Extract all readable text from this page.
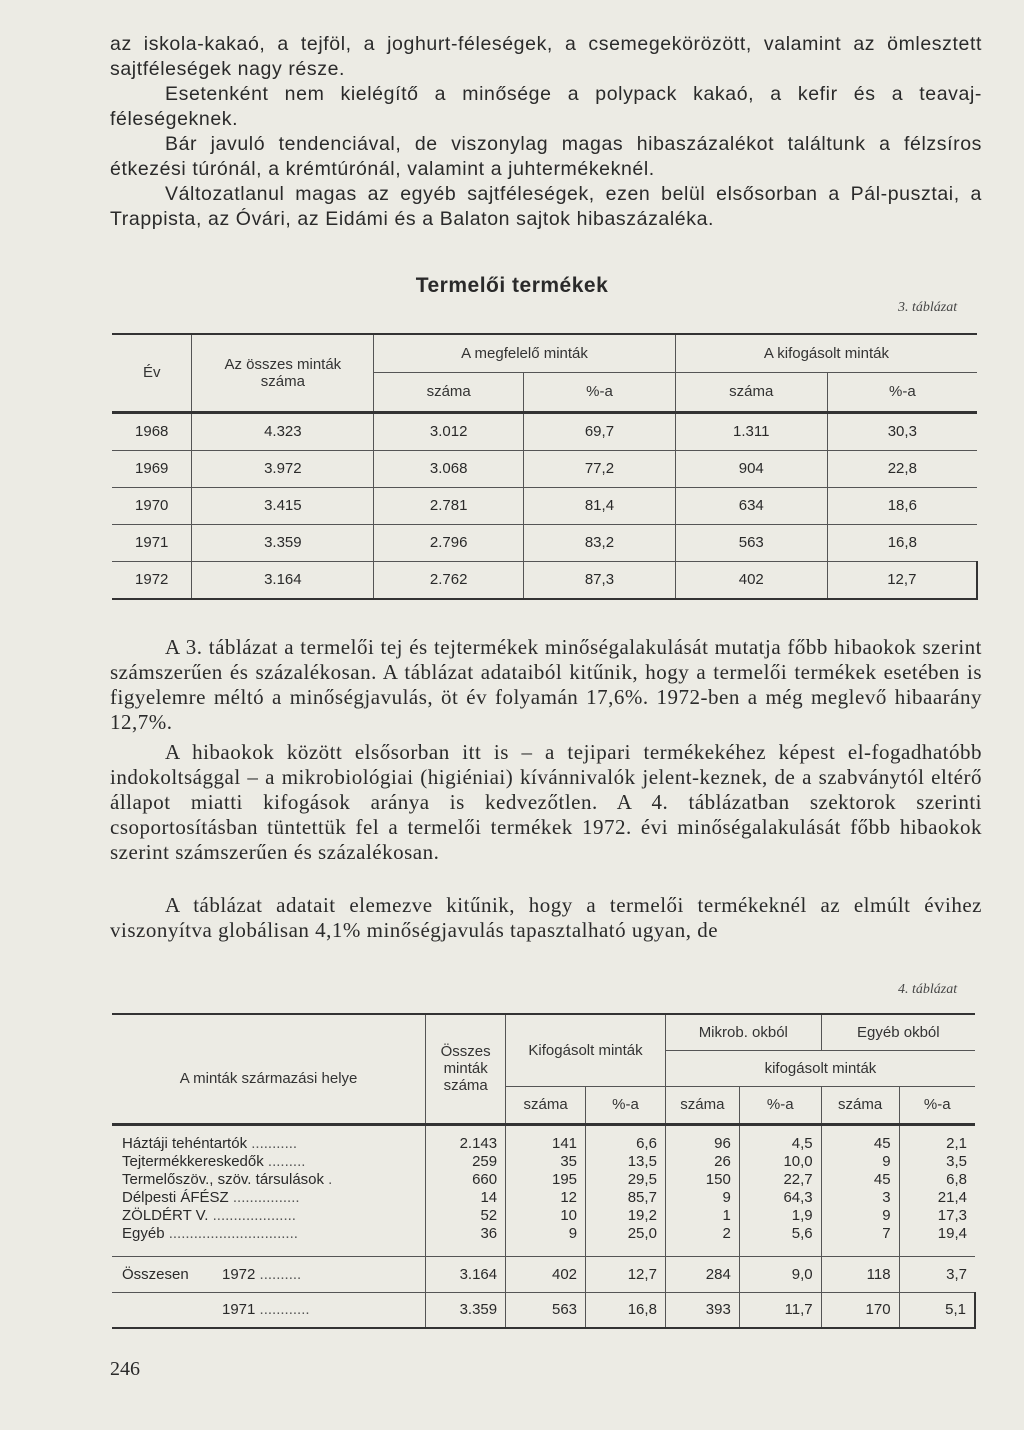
az iskola-kakaó, a tejföl, a joghurt-féleségek, a csemegekörözött, valamint az ömlesztett sajtféleségek nagy része.

Esetenként nem kielégítő a minősége a polypack kakaó, a kefir és a teavaj-féleségeknek.

Bár javuló tendenciával, de viszonylag magas hibaszázalékot találtunk a félzsíros étkezési túrónál, a krémtúrónál, valamint a juhtermékeknél.

Változatlanul magas az egyéb sajtféleségek, ezen belül elsősorban a Pál-pusztai, a Trappista, az Óvári, az Eidámi és a Balaton sajtok hibaszázaléka.

Termelői termékek
3. táblázat
Év	Az összes minták száma	A megfelelő minták		A kifogásolt minták	
		száma	%-a	száma	%-a
1968	4.323	3.012	69,7	1.311	30,3
1969	3.972	3.068	77,2	904	22,8
1970	3.415	2.781	81,4	634	18,6
1971	3.359	2.796	83,2	563	16,8
1972	3.164	2.762	87,3	402	12,7

A 3. táblázat a termelői tej és tejtermékek minőségalakulását mutatja főbb hibaokok szerint számszerűen és százalékosan. A táblázat adataiból kitűnik, hogy a termelői termékek esetében is figyelemre méltó a minőségjavulás, öt év folyamán 17,6%. 1972-ben a még meglevő hibaarány 12,7%.

A hibaokok között elsősorban itt is – a tejipari termékekéhez képest el-fogadhatóbb indokoltsággal – a mikrobiológiai (higiéniai) kívánnivalók jelent-keznek, de a szabványtól eltérő állapot miatti kifogások aránya is kedvezőtlen. A 4. táblázatban szektorok szerinti csoportosításban tüntettük fel a termelői termékek 1972. évi minőségalakulását főbb hibaokok szerint számszerűen és százalékosan.

A táblázat adatait elemezve kitűnik, hogy a termelői termékeknél az elmúlt évihez viszonyítva globálisan 4,1% minőségjavulás tapasztalható ugyan, de

4. táblázat
A minták származási helye	Összes minták száma	Kifogásolt minták		Mikrob. okból		Egyéb okból	
				kifogásolt minták			
		száma	%-a	száma	%-a	száma	%-a

Háztáji tehéntartók ...........	2.143	141	6,6	96	4,5	45	2,1
Tejtermékkereskedők .........	259	35	13,5	26	10,0	9	3,5
Termelőszöv., szöv. társulások .	660	195	29,5	150	22,7	45	6,8
Délpesti ÁFÉSZ ................	14	12	85,7	9	64,3	3	21,4
ZÖLDÉRT V. ....................	52	10	19,2	1	1,9	9	17,3
Egyéb ...............................	36	9	25,0	2	5,6	7	19,4

Összesen 1972 ..........	3.164	402	12,7	284	9,0	118	3,7
1971 ............	3.359	563	16,8	393	11,7	170	5,1
246
